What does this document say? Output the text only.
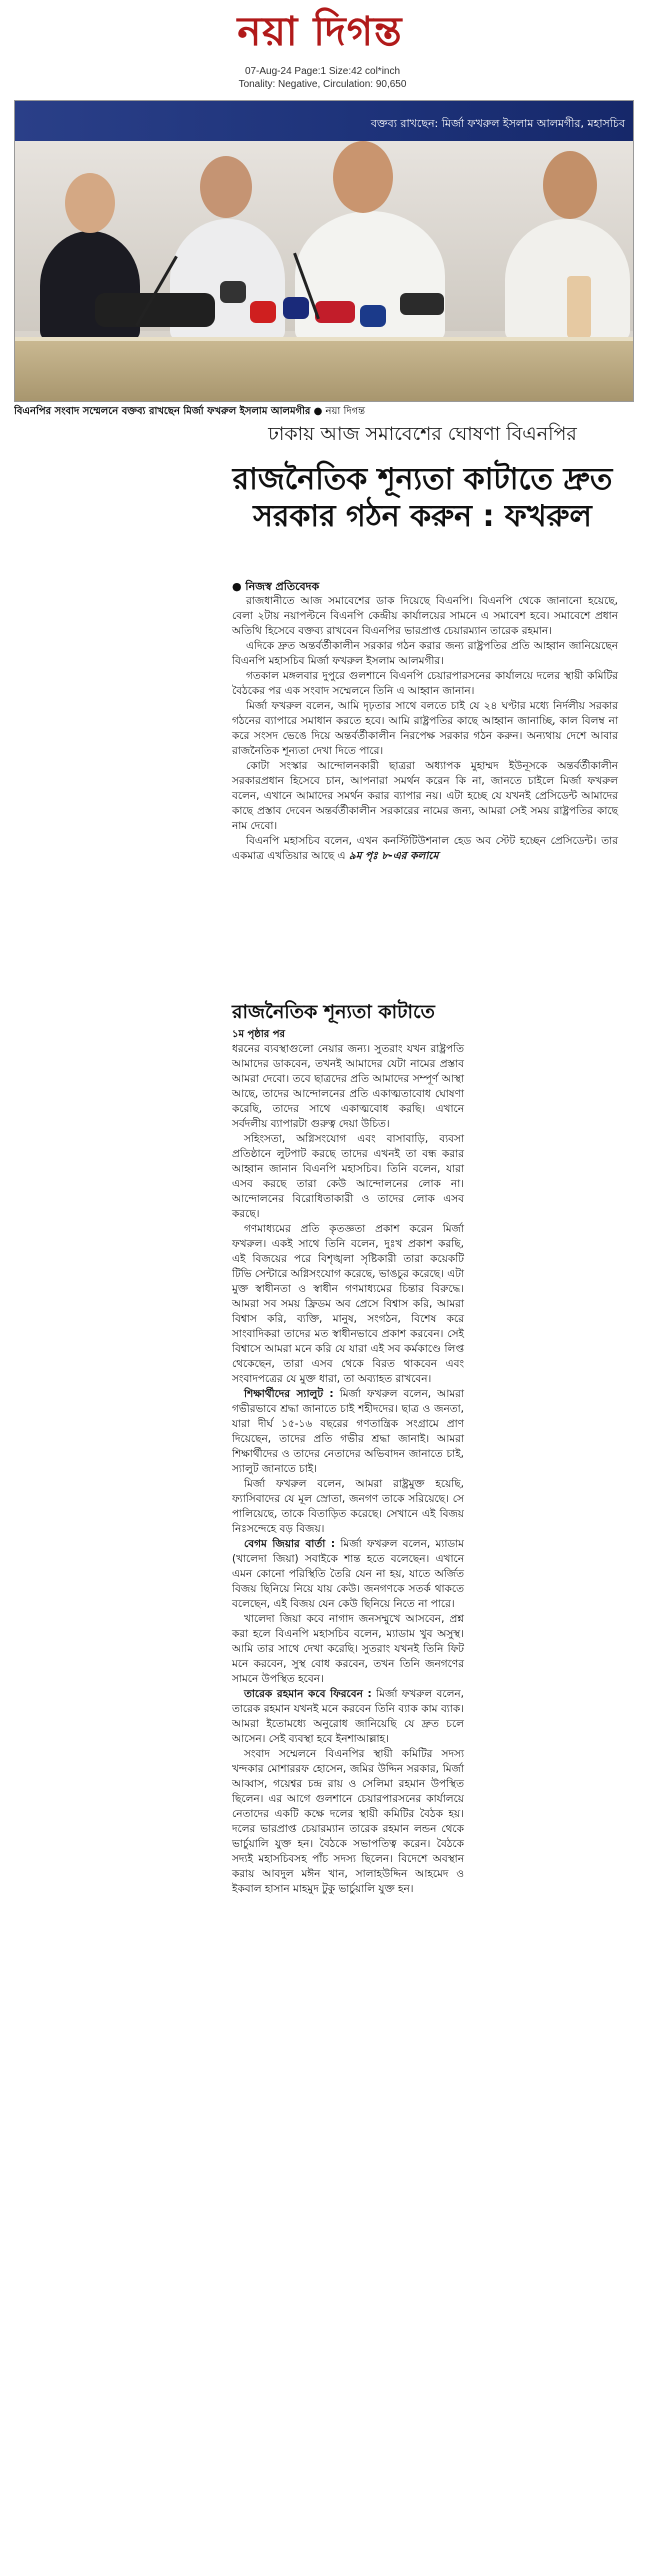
নয়া দিগন্ত
07-Aug-24 Page:1 Size:42 col*inch
Tonality: Negative, Circulation: 90,650
বক্তব্য রাখছেন: মির্জা ফখরুল ইসলাম আলমগীর, মহাসচিব
বিএনপির সংবাদ সম্মেলনে বক্তব্য রাখছেন মির্জা ফখরুল ইসলাম আলমগীর ● নয়া দিগন্ত
ঢাকায় আজ সমাবেশের ঘোষণা বিএনপির
রাজনৈতিক শূন্যতা কাটাতে দ্রুত
সরকার গঠন করুন : ফখরুল
● নিজস্ব প্রতিবেদক

রাজধানীতে আজ সমাবেশের ডাক দিয়েছে বিএনপি। বিএনপি থেকে জানানো হয়েছে, বেলা ২টায় নয়াপল্টনে বিএনপি কেন্দ্রীয় কার্যালয়ের সামনে এ সমাবেশ হবে। সমাবেশে প্রধান অতিথি হিসেবে বক্তব্য রাখবেন বিএনপির ভারপ্রাপ্ত চেয়ারম্যান তারেক রহমান।

এদিকে দ্রুত অন্তর্বর্তীকালীন সরকার গঠন করার জন্য রাষ্ট্রপতির প্রতি আহ্বান জানিয়েছেন বিএনপি মহাসচিব মির্জা ফখরুল ইসলাম আলমগীর।

গতকাল মঙ্গলবার দুপুরে গুলশানে বিএনপি চেয়ারপারসনের কার্যালয়ে দলের স্থায়ী কমিটির বৈঠকের পর এক সংবাদ সম্মেলনে তিনি এ আহ্বান জানান।

মির্জা ফখরুল বলেন, আমি দৃঢ়তার সাথে বলতে চাই যে ২৪ ঘণ্টার মধ্যে নির্দলীয় সরকার গঠনের ব্যাপারে সমাধান করতে হবে। আমি রাষ্ট্রপতির কাছে আহ্বান জানাচ্ছি, কাল বিলম্ব না করে সংসদ ভেঙে দিয়ে অন্তর্বর্তীকালীন নিরপেক্ষ সরকার গঠন করুন। অন্যথায় দেশে আবার রাজনৈতিক শূন্যতা দেখা দিতে পারে।

কোটা সংস্কার আন্দোলনকারী ছাত্ররা অধ্যাপক মুহাম্মদ ইউনূসকে অন্তর্বর্তীকালীন সরকারপ্রধান হিসেবে চান, আপনারা সমর্থন করেন কি না, জানতে চাইলে মির্জা ফখরুল বলেন, এখানে আমাদের সমর্থন করার ব্যাপার নয়। এটা হচ্ছে যে যখনই প্রেসিডেন্ট আমাদের কাছে প্রস্তাব দেবেন অন্তর্বর্তীকালীন সরকারের নামের জন্য, আমরা সেই সময় রাষ্ট্রপতির কাছে নাম দেবো।

বিএনপি মহাসচিব বলেন, এখন কনস্টিটিউশনাল হেড অব স্টেট হচ্ছেন প্রেসিডেন্ট। তার একমাত্র এখতিয়ার আছে এ ৯ম পৃঃ ৮-এর কলামে

রাজনৈতিক শূন্যতা কাটাতে
১ম পৃষ্ঠার পর

ধরনের ব্যবস্থাগুলো নেয়ার জন্য। সুতরাং যখন রাষ্ট্রপতি আমাদের ডাকবেন, তখনই আমাদের যেটা নামের প্রস্তাব আমরা দেবো। তবে ছাত্রদের প্রতি আমাদের সম্পূর্ণ আস্থা আছে, তাদের আন্দোলনের প্রতি একাত্মতাবোধ ঘোষণা করেছি, তাদের সাথে একাত্মবোধ করছি। এখানে সর্বদলীয় ব্যাপারটা গুরুত্ব দেয়া উচিত।

সহিংসতা, অগ্নিসংযোগ এবং বাসাবাড়ি, ব্যবসা প্রতিষ্ঠানে লুটপাট করছে তাদের এখনই তা বন্ধ করার আহ্বান জানান বিএনপি মহাসচিব। তিনি বলেন, যারা এসব করছে তারা কেউ আন্দোলনের লোক না। আন্দোলনের বিরোধিতাকারী ও তাদের লোক এসব করছে।

গণমাধ্যমের প্রতি কৃতজ্ঞতা প্রকাশ করেন মির্জা ফখরুল। একই সাথে তিনি বলেন, দুঃখ প্রকাশ করছি, এই বিজয়ের পরে বিশৃঙ্খলা সৃষ্টিকারী তারা কয়েকটি টিভি সেন্টারে অগ্নিসংযোগ করেছে, ভাঙচুর করেছে। এটা মুক্ত স্বাধীনতা ও স্বাধীন গণমাধ্যমের চিন্তার বিরুদ্ধে। আমরা সব সময় ফ্রিডম অব প্রেসে বিশ্বাস করি, আমরা বিশ্বাস করি, ব্যক্তি, মানুষ, সংগঠন, বিশেষ করে সাংবাদিকরা তাদের মত স্বাধীনভাবে প্রকাশ করবেন। সেই বিশ্বাসে আমরা মনে করি যে যারা এই সব কর্মকাণ্ডে লিপ্ত থেকেছেন, তারা এসব থেকে বিরত থাকবেন এবং সংবাদপত্রের যে মুক্ত ধারা, তা অব্যাহত রাখবেন।

শিক্ষার্থীদের স্যালুট : মির্জা ফখরুল বলেন, আমরা গভীরভাবে শ্রদ্ধা জানাতে চাই শহীদদের। ছাত্র ও জনতা, যারা দীর্ঘ ১৫-১৬ বছরের গণতান্ত্রিক সংগ্রামে প্রাণ দিয়েছেন, তাদের প্রতি গভীর শ্রদ্ধা জানাই। আমরা শিক্ষার্থীদের ও তাদের নেতাদের অভিবাদন জানাতে চাই, স্যালুট জানাতে চাই।

মির্জা ফখরুল বলেন, আমরা রাষ্ট্রমুক্ত হয়েছি, ফ্যাসিবাদের যে মূল স্রোতা, জনগণ তাকে সরিয়েছে। সে পালিয়েছে, তাকে বিতাড়িত করেছে। সেখানে এই বিজয় নিঃসন্দেহে বড় বিজয়।

বেগম জিয়ার বার্তা : মির্জা ফখরুল বলেন, ম্যাডাম (খালেদা জিয়া) সবাইকে শান্ত হতে বলেছেন। এখানে এমন কোনো পরিস্থিতি তৈরি যেন না হয়, যাতে অর্জিত বিজয় ছিনিয়ে নিয়ে যায় কেউ। জনগণকে সতর্ক থাকতে বলেছেন, এই বিজয় যেন কেউ ছিনিয়ে নিতে না পারে।

খালেদা জিয়া কবে নাগাদ জনসম্মুখে আসবেন, প্রশ্ন করা হলে বিএনপি মহাসচিব বলেন, ম্যাডাম খুব অসুস্থ। আমি তার সাথে দেখা করেছি। সুতরাং যখনই তিনি ফিট মনে করবেন, সুস্থ বোধ করবেন, তখন তিনি জনগণের সামনে উপস্থিত হবেন।

তারেক রহমান কবে ফিরবেন : মির্জা ফখরুল বলেন, তারেক রহমান যখনই মনে করবেন তিনি ব্যাক কাম ব্যাক। আমরা ইতোমধ্যে অনুরোধ জানিয়েছি যে দ্রুত চলে আসেন। সেই ব্যবস্থা হবে ইনশাআল্লাহ।

সংবাদ সম্মেলনে বিএনপির স্থায়ী কমিটির সদস্য খন্দকার মোশাররফ হোসেন, জমির উদ্দিন সরকার, মির্জা আব্বাস, গয়েশ্বর চন্দ্র রায় ও সেলিমা রহমান উপস্থিত ছিলেন। এর আগে গুলশানে চেয়ারপারসনের কার্যালয়ে নেতাদের একটি কক্ষে দলের স্থায়ী কমিটির বৈঠক হয়। দলের ভারপ্রাপ্ত চেয়ারম্যান তারেক রহমান লন্ডন থেকে ভার্চুয়ালি যুক্ত হন। বৈঠকে সভাপতিত্ব করেন। বৈঠকে সদ্যই মহাসচিবসহ পাঁচ সদস্য ছিলেন। বিদেশে অবস্থান করায় আবদুল মঈন খান, সালাহউদ্দিন আহমেদ ও ইকবাল হাসান মাহমুদ টুকু ভার্চুয়ালি যুক্ত হন।
